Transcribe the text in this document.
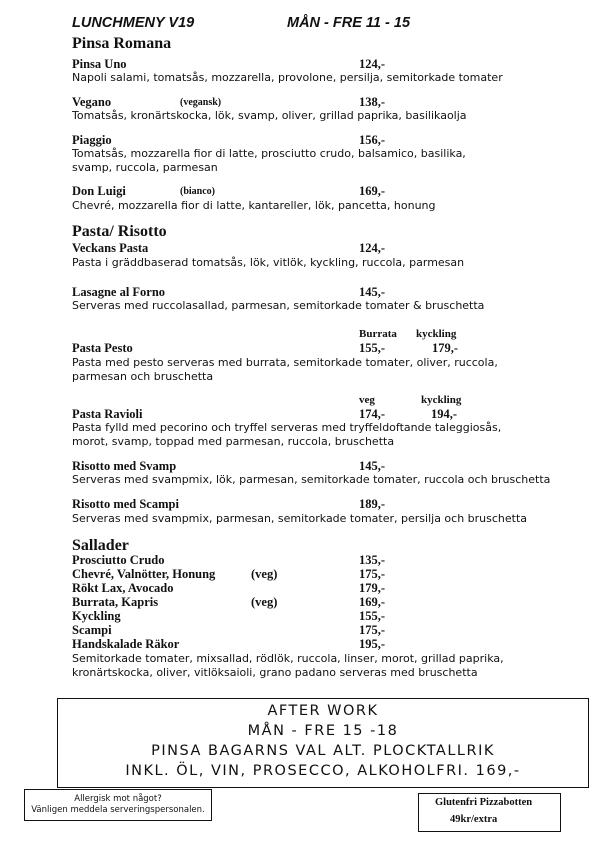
LUNCHMENY V19	MÅN - FRE 11 - 15
Pinsa Romana
Pinsa Uno	124,-
Napoli salami, tomatsås, mozzarella, provolone, persilja, semitorkade tomater
Vegano	(vegansk)	138,-
Tomatsås, kronärtskocka, lök, svamp, oliver, grillad paprika, basilikaolja
Piaggio	156,-
Tomatsås, mozzarella fior di latte, prosciutto crudo, balsamico, basilika,
svamp, ruccola, parmesan
Don Luigi	(bianco)	169,-
Chevré, mozzarella fior di latte, kantareller, lök, pancetta, honung
Pasta/ Risotto
Veckans Pasta	124,-
Pasta i gräddbaserad tomatsås, lök, vitlök, kyckling, ruccola, parmesan
Lasagne al Forno	145,-
Serveras med ruccolasallad, parmesan, semitorkade tomater & bruschetta
Burrata kyckling
Pasta Pesto	155,-	179,-
Pasta med pesto serveras med burrata, semitorkade tomater, oliver, ruccola,
parmesan och bruschetta
veg	kyckling
Pasta Ravioli	174,-	194,-
Pasta fylld med pecorino och tryffel serveras med tryffeldoftande taleggiosås,
morot, svamp, toppad med parmesan, ruccola, bruschetta
Risotto med Svamp	145,-
Serveras med svampmix, lök, parmesan, semitorkade tomater, ruccola och bruschetta
Risotto med Scampi	189,-
Serveras med svampmix, parmesan, semitorkade tomater, persilja och bruschetta
Sallader
Prosciutto Crudo	135,-
Chevré, Valnötter, Honung	(veg)	175,-
Rökt Lax, Avocado	179,-
Burrata, Kapris	(veg)	169,-
Kyckling	155,-
Scampi	175,-
Handskalade Räkor	195,-
Semitorkade tomater, mixsallad, rödlök, ruccola, linser, morot, grillad paprika,
kronärtskocka, oliver, vitlöksaioli, grano padano serveras med bruschetta
AFTER WORK
MÅN - FRE 15 -18
PINSA BAGARNS VAL ALT. PLOCKTALLRIK
INKL. ÖL, VIN, PROSECCO, ALKOHOLFRI. 169,-
Allergisk mot något?
Vänligen meddela serveringspersonalen.
Glutenfri Pizzabotten
49kr/extra
